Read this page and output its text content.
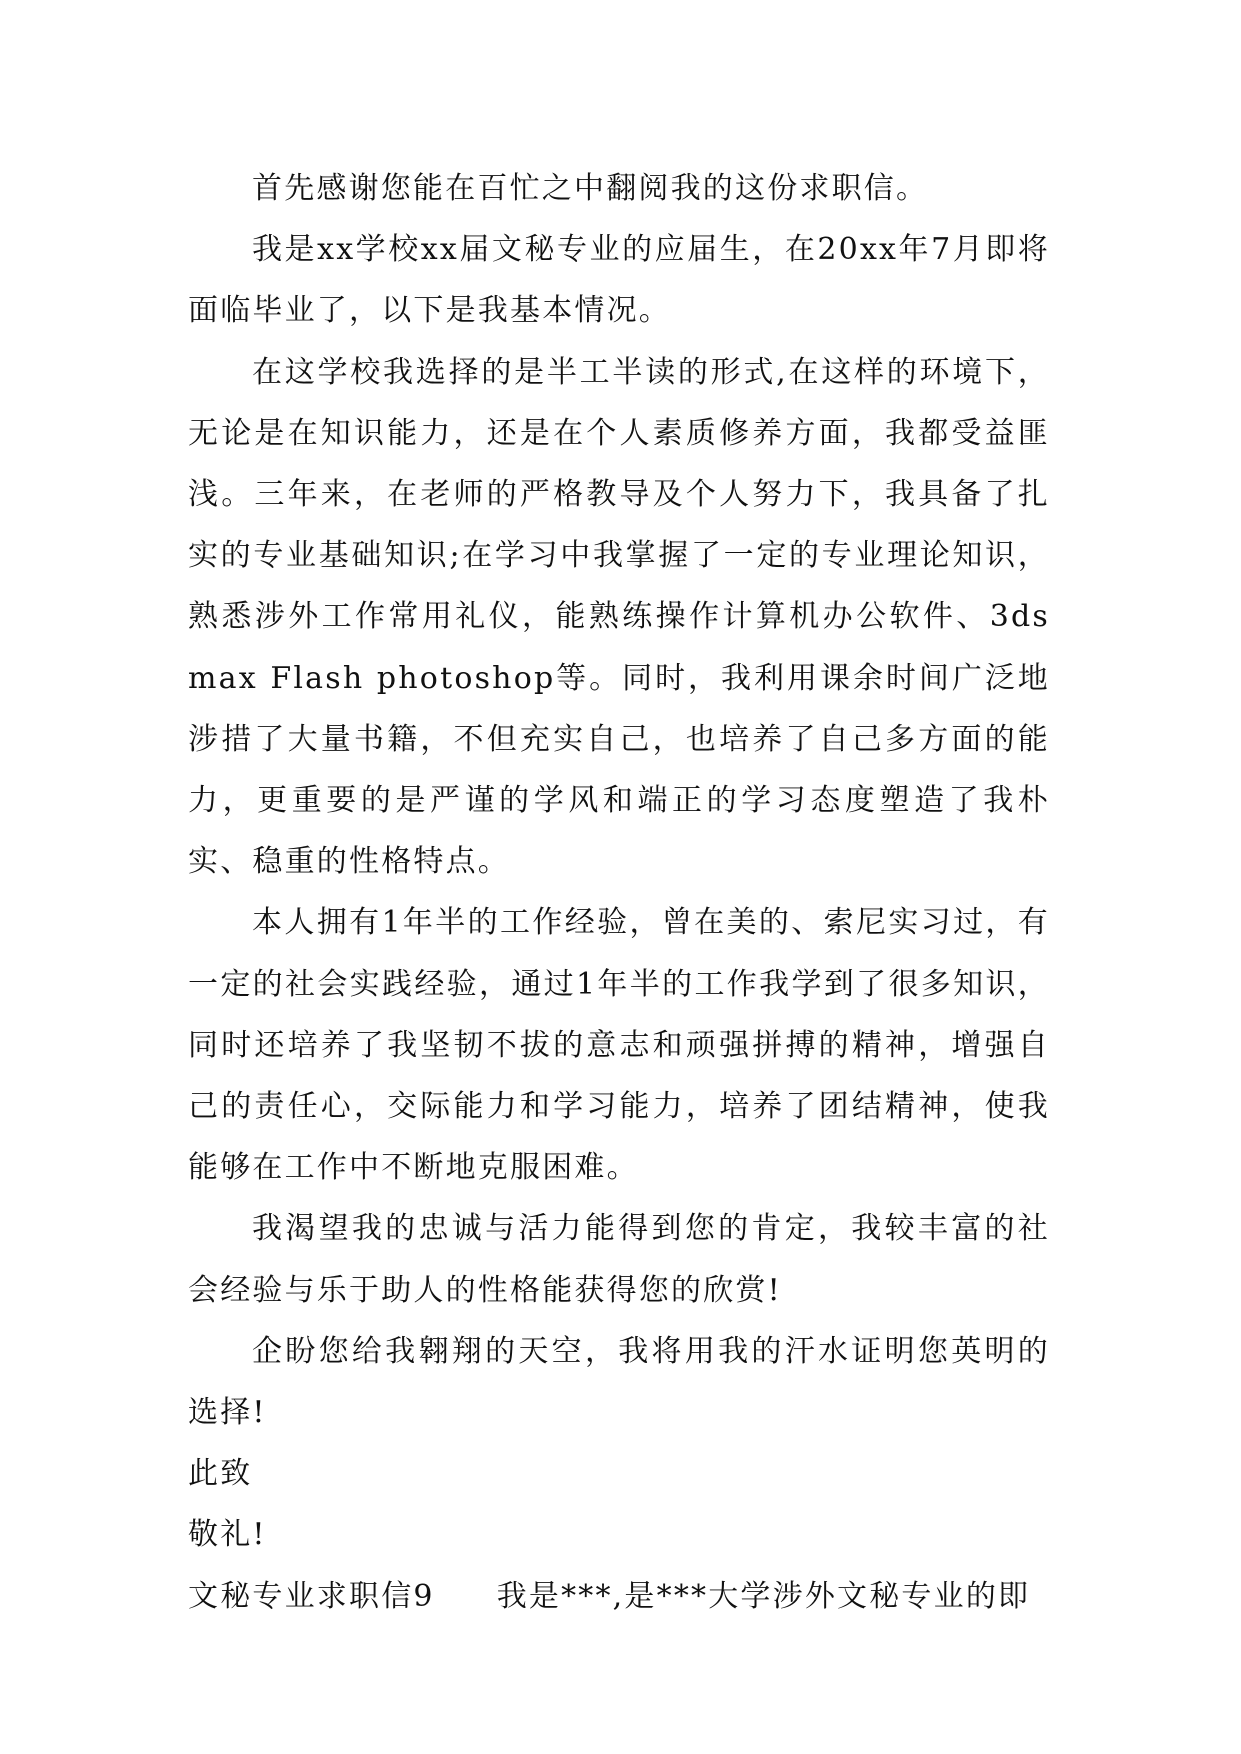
首先感谢您能在百忙之中翻阅我的这份求职信。

我是xx学校xx届文秘专业的应届生，在20xx年7月即将面临毕业了，以下是我基本情况。

在这学校我选择的是半工半读的形式,在这样的环境下，无论是在知识能力，还是在个人素质修养方面，我都受益匪浅。三年来，在老师的严格教导及个人努力下，我具备了扎实的专业基础知识;在学习中我掌握了一定的专业理论知识，熟悉涉外工作常用礼仪，能熟练操作计算机办公软件、3ds max Flash photoshop等。同时，我利用课余时间广泛地涉措了大量书籍，不但充实自己，也培养了自己多方面的能力，更重要的是严谨的学风和端正的学习态度塑造了我朴实、稳重的性格特点。

本人拥有1年半的工作经验，曾在美的、索尼实习过，有一定的社会实践经验，通过1年半的工作我学到了很多知识，同时还培养了我坚韧不拔的意志和顽强拼搏的精神，增强自己的责任心，交际能力和学习能力，培养了团结精神，使我能够在工作中不断地克服困难。

我渴望我的忠诚与活力能得到您的肯定，我较丰富的社会经验与乐于助人的性格能获得您的欣赏!

企盼您给我翱翔的天空，我将用我的汗水证明您英明的选择!

此致

敬礼!

文秘专业求职信9 我是***,是***大学涉外文秘专业的即
